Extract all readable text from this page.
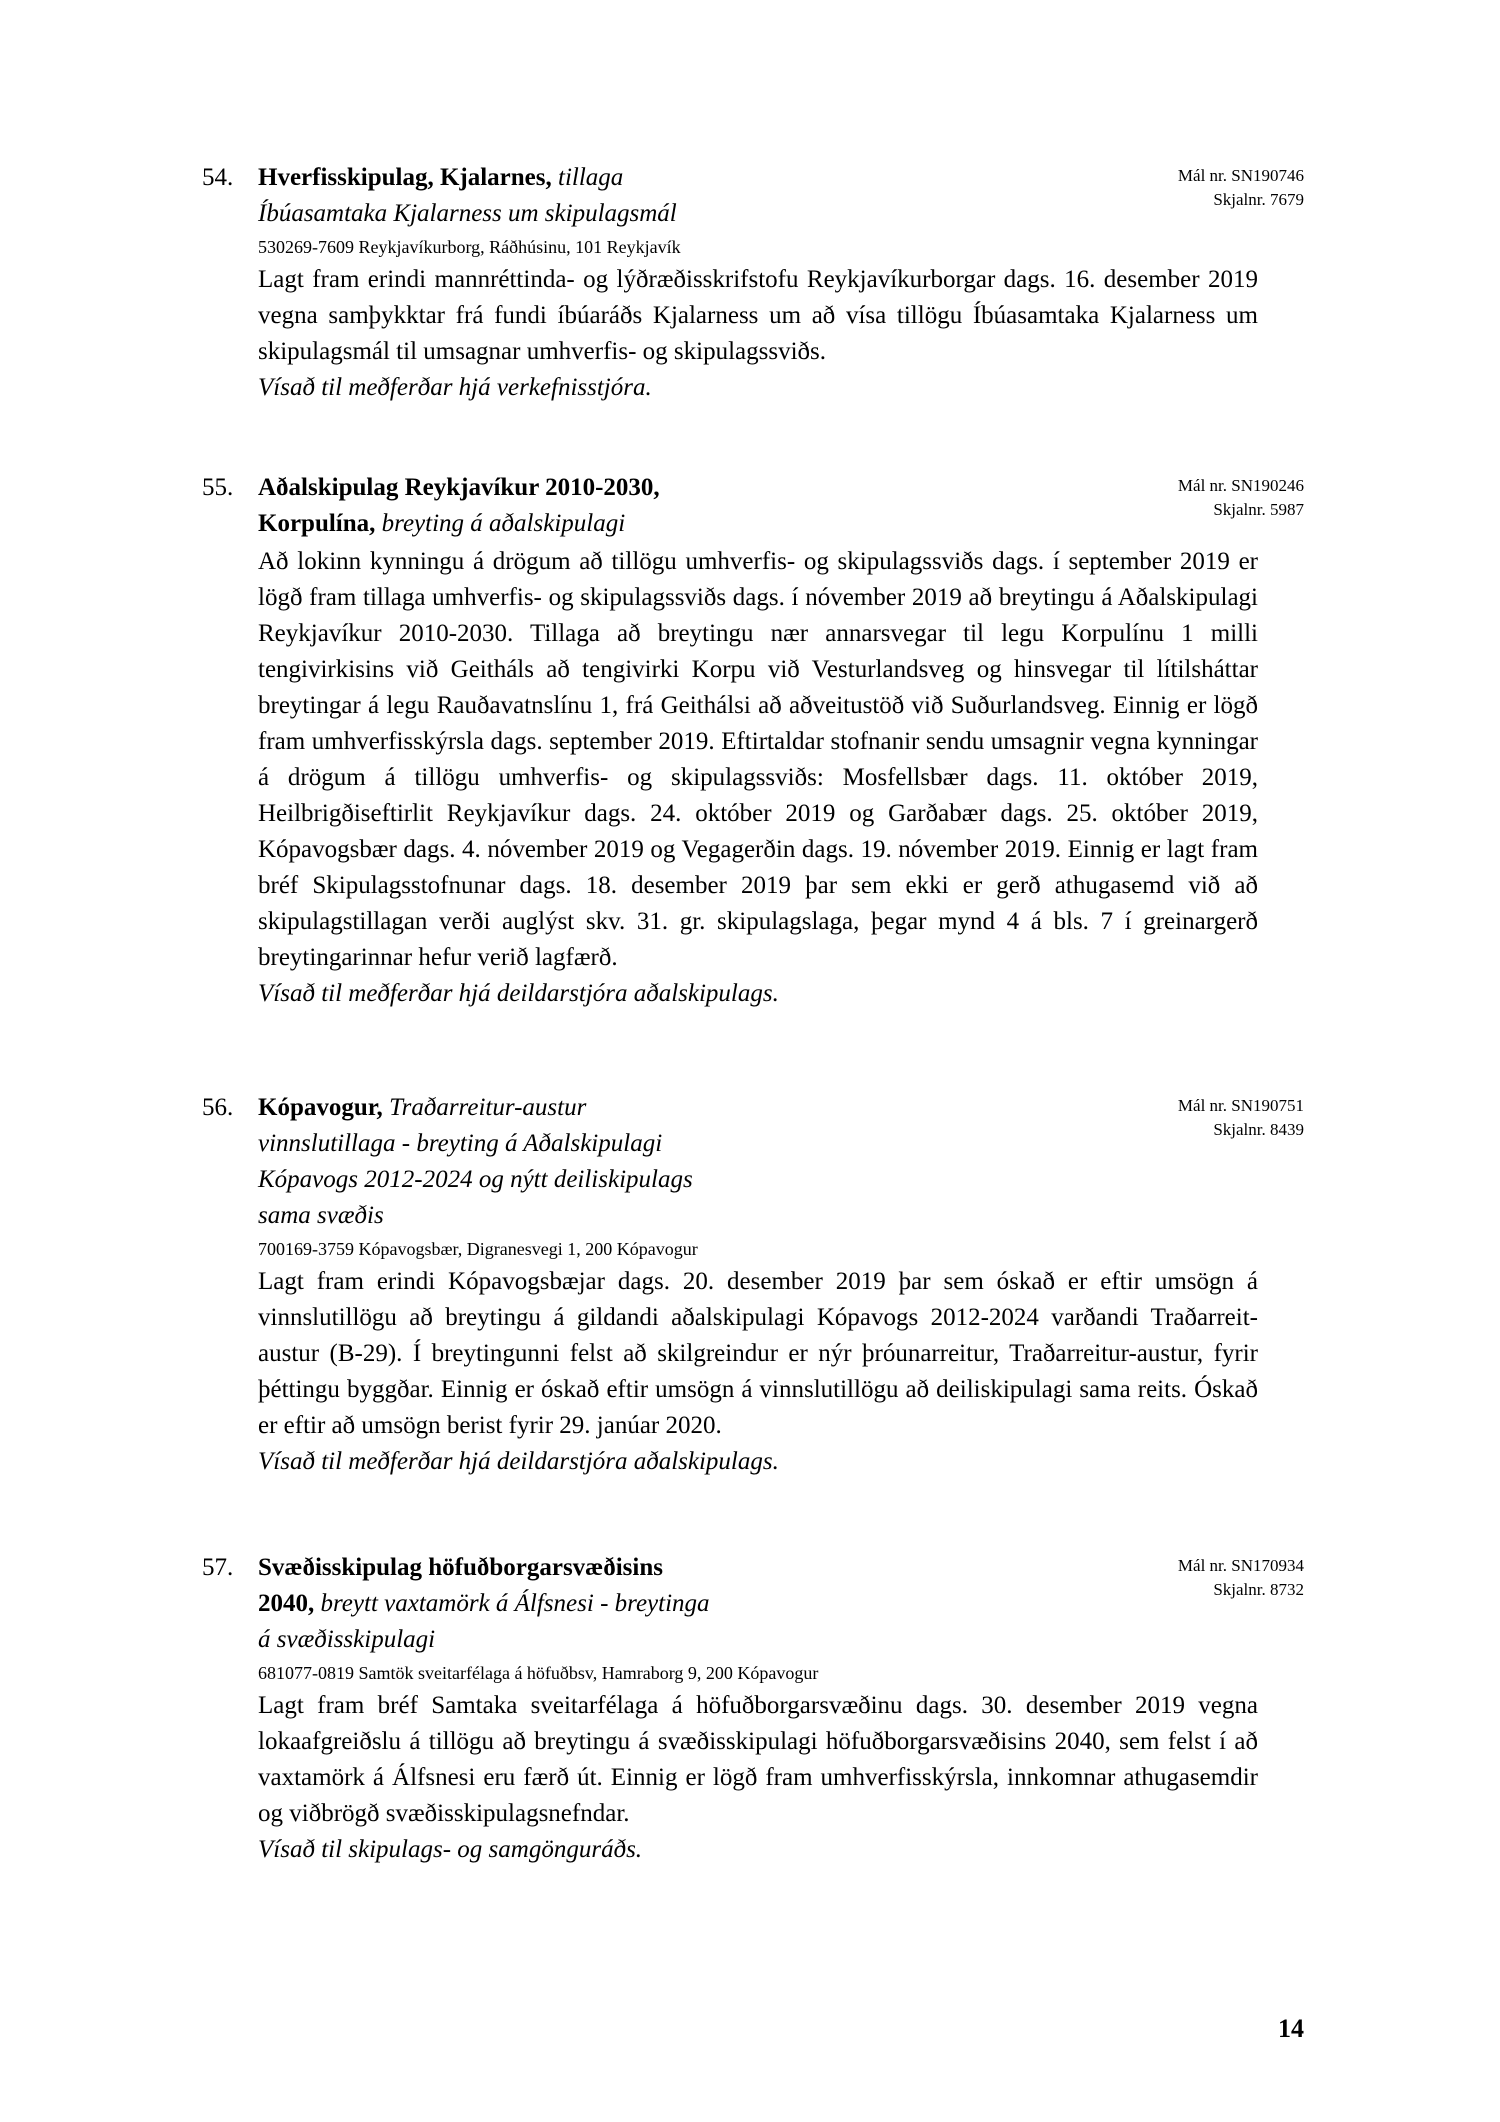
Mál nr. SN190746
Skjalnr. 7679
54. Hverfisskipulag, Kjalarnes, tillaga
Íbúasamtaka Kjalarness um skipulagsmál
530269-7609 Reykjavíkurborg, Ráðhúsinu, 101 Reykjavík
Lagt fram erindi mannréttinda- og lýðræðisskrifstofu Reykjavíkurborgar dags. 16. desember 2019 vegna samþykktar frá fundi íbúaráðs Kjalarness um að vísa tillögu Íbúasamtaka Kjalarness um skipulagsmál til umsagnar umhverfis- og skipulagssviðs.
Vísað til meðferðar hjá verkefnisstjóra.
Mál nr. SN190246
Skjalnr. 5987
55. Aðalskipulag Reykjavíkur 2010-2030,
Korpulína, breyting á aðalskipulagi
Að lokinn kynningu á drögum að tillögu umhverfis- og skipulagssviðs dags. í september 2019 er lögð fram tillaga umhverfis- og skipulagssviðs dags. í nóvember 2019 að breytingu á Aðalskipulagi Reykjavíkur 2010-2030. Tillaga að breytingu nær annarsvegar til legu Korpulínu 1 milli tengivirkisins við Geitháls að tengivirki Korpu við Vesturlandsveg og hinsvegar til lítilsháttar breytingar á legu Rauðavatnslínu 1, frá Geithálsi að aðveitustöð við Suðurlandsveg. Einnig er lögð fram umhverfisskýrsla dags. september 2019. Eftirtaldar stofnanir sendu umsagnir vegna kynningar á drögum á tillögu umhverfis- og skipulagssviðs: Mosfellsbær dags. 11. október 2019, Heilbrigðiseftirlit Reykjavíkur dags. 24. október 2019 og Garðabær dags. 25. október 2019, Kópavogsbær dags. 4. nóvember 2019 og Vegagerðin dags. 19. nóvember 2019. Einnig er lagt fram bréf Skipulagsstofnunar dags. 18. desember 2019 þar sem ekki er gerð athugasemd við að skipulagstillagan verði auglýst skv. 31. gr. skipulagslaga, þegar mynd 4 á bls. 7 í greinargerð breytingarinnar hefur verið lagfærð.
Vísað til meðferðar hjá deildarstjóra aðalskipulags.
Mál nr. SN190751
Skjalnr. 8439
56. Kópavogur, Traðarreitur-austur
vinnslutillaga - breyting á Aðalskipulagi
Kópavogs 2012-2024 og nýtt deiliskipulags
sama svæðis
700169-3759 Kópavogsbær, Digranesvegi 1, 200 Kópavogur
Lagt fram erindi Kópavogsbæjar dags. 20. desember 2019 þar sem óskað er eftir umsögn á vinnslutillögu að breytingu á gildandi aðalskipulagi Kópavogs 2012-2024 varðandi Traðarreit-austur (B-29). Í breytingunni felst að skilgreindur er nýr þróunarreitur, Traðarreitur-austur, fyrir þéttingu byggðar. Einnig er óskað eftir umsögn á vinnslutillögu að deiliskipulagi sama reits. Óskað er eftir að umsögn berist fyrir 29. janúar 2020.
Vísað til meðferðar hjá deildarstjóra aðalskipulags.
Mál nr. SN170934
Skjalnr. 8732
57. Svæðisskipulag höfuðborgarsvæðisins
2040, breytt vaxtamörk á Álfsnesi - breytinga
á svæðisskipulagi
681077-0819 Samtök sveitarfélaga á höfuðbsv, Hamraborg 9, 200 Kópavogur
Lagt fram bréf Samtaka sveitarfélaga á höfuðborgarsvæðinu dags. 30. desember 2019 vegna lokaafgreiðslu á tillögu að breytingu á svæðisskipulagi höfuðborgarsvæðisins 2040, sem felst í að vaxtamörk á Álfsnesi eru færð út. Einnig er lögð fram umhverfisskýrsla, innkomnar athugasemdir og viðbrögð svæðisskipulagsnefndar.
Vísað til skipulags- og samgönguráðs.
14
